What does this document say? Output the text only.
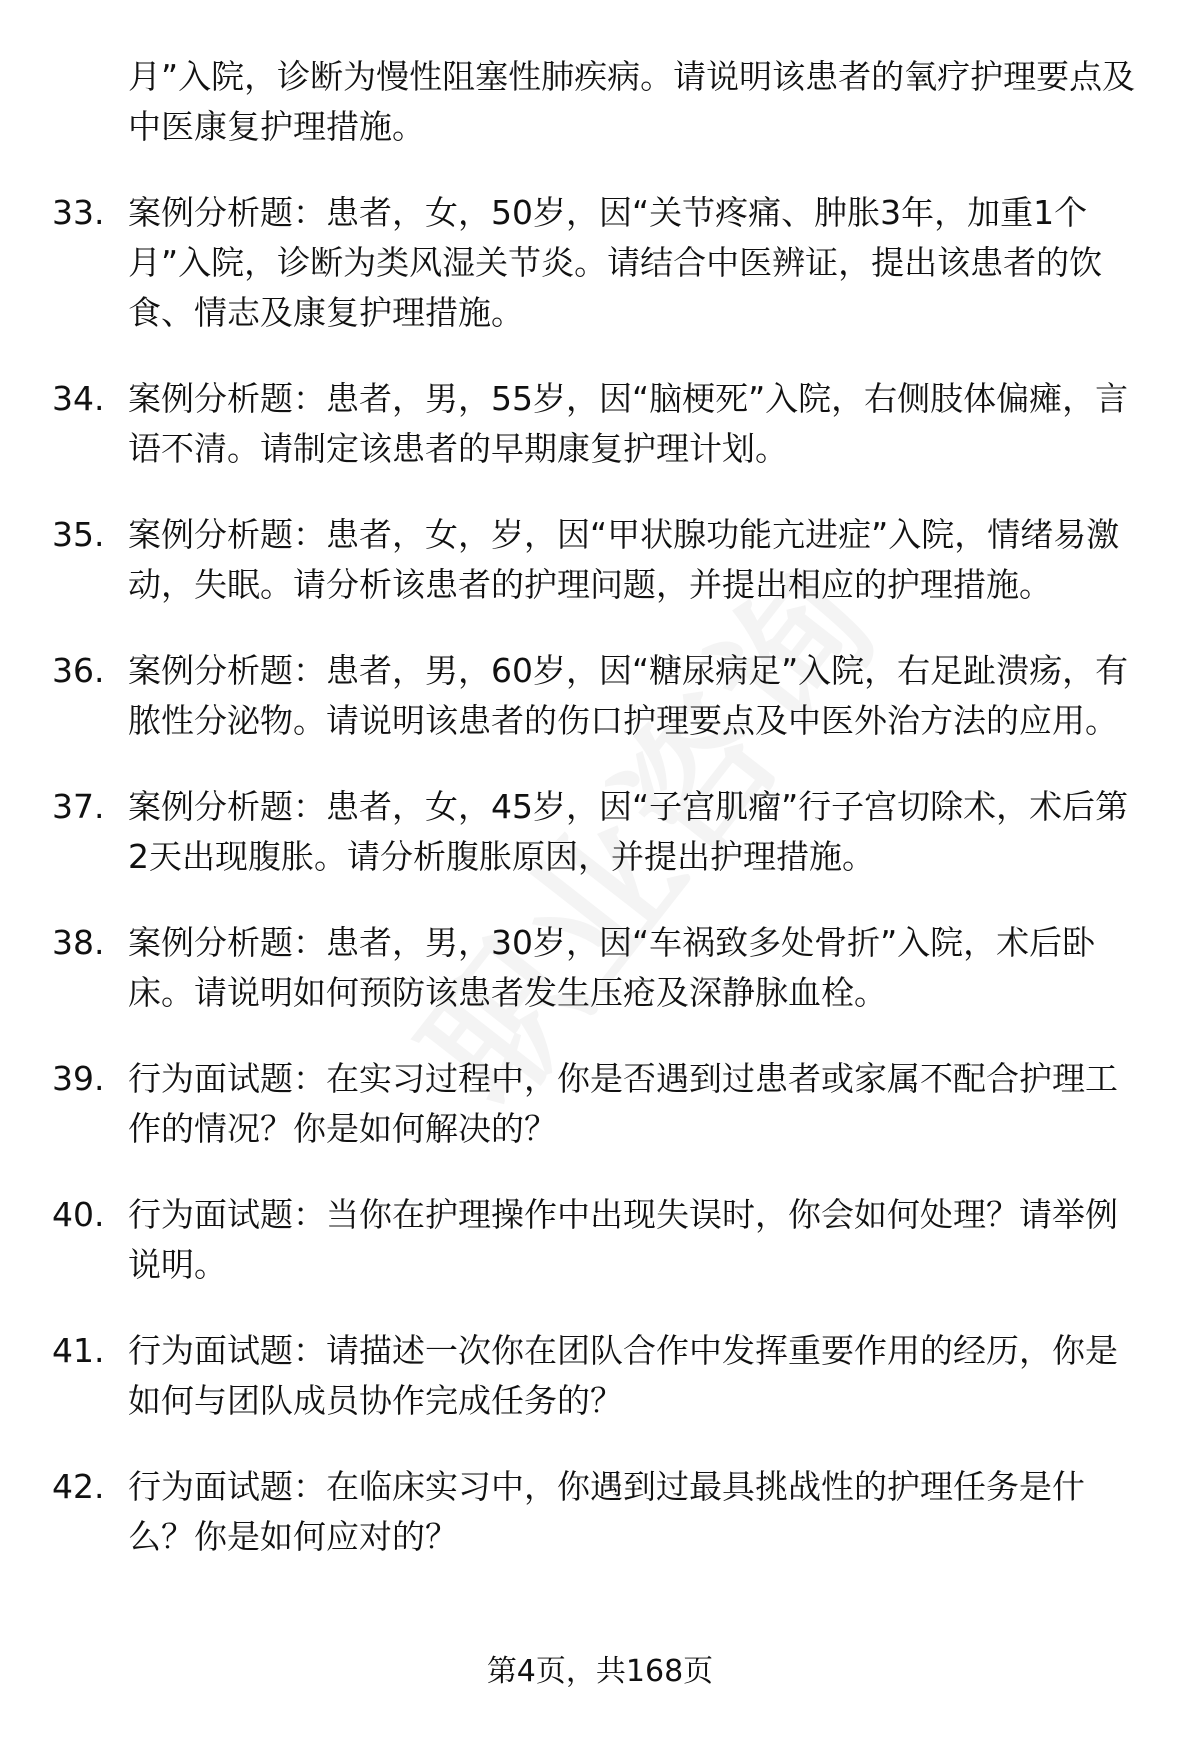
月”入院，诊断为慢性阻塞性肺疾病。请说明该患者的氧疗护理要点及中医康复护理措施。
33. 案例分析题：患者，女，50岁，因“关节疼痛、肿胀3年，加重1个月”入院，诊断为类风湿关节炎。请结合中医辨证，提出该患者的饮食、情志及康复护理措施。
34. 案例分析题：患者，男，55岁，因“脑梗死”入院，右侧肢体偏瘫，言语不清。请制定该患者的早期康复护理计划。
35. 案例分析题：患者，女，岁，因“甲状腺功能亢进症”入院，情绪易激动，失眠。请分析该患者的护理问题，并提出相应的护理措施。
36. 案例分析题：患者，男，60岁，因“糖尿病足”入院，右足趾溃疡，有脓性分泌物。请说明该患者的伤口护理要点及中医外治方法的应用。
37. 案例分析题：患者，女，45岁，因“子宫肌瘤”行子宫切除术，术后第2天出现腹胀。请分析腹胀原因，并提出护理措施。
38. 案例分析题：患者，男，30岁，因“车祸致多处骨折”入院，术后卧床。请说明如何预防该患者发生压疮及深静脉血栓。
39. 行为面试题：在实习过程中，你是否遇到过患者或家属不配合护理工作的情况？你是如何解决的？
40. 行为面试题：当你在护理操作中出现失误时，你会如何处理？请举例说明。
41. 行为面试题：请描述一次你在团队合作中发挥重要作用的经历，你是如何与团队成员协作完成任务的？
42. 行为面试题：在临床实习中，你遇到过最具挑战性的护理任务是什么？你是如何应对的？
第4页，共168页
